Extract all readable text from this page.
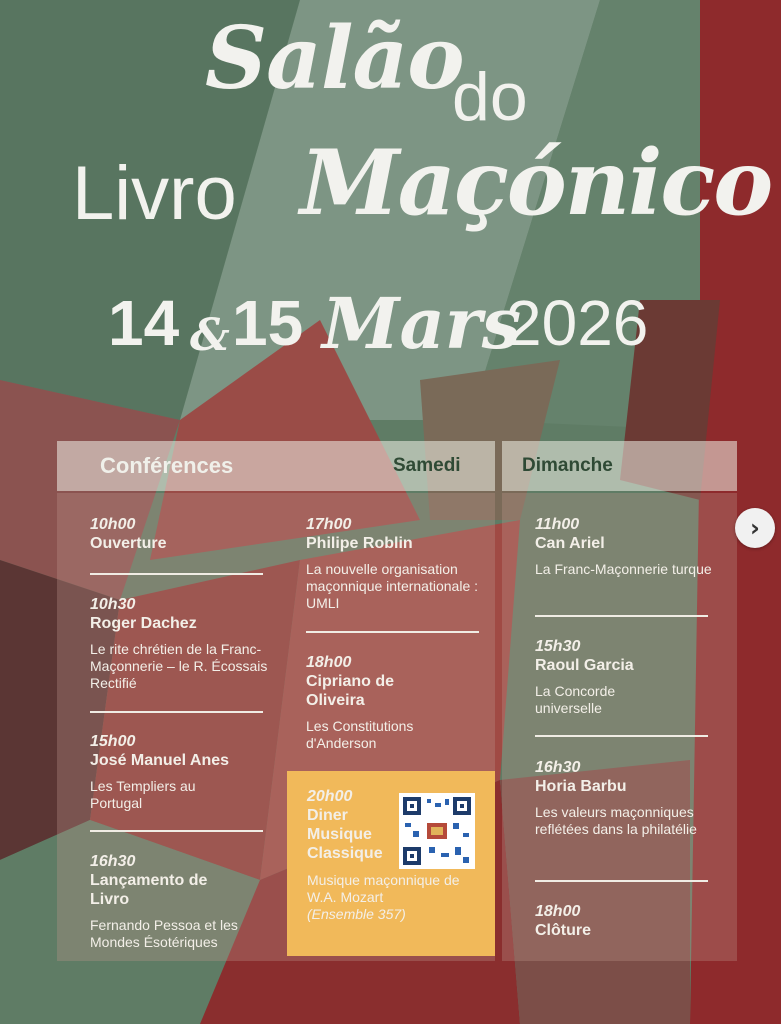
Salão
do
Livro Maçónico
14 & 15 Mars
2026
Conférences	Samedi	Dimanche
10h00
Ouverture
10h30
Roger Dachez
Le rite chrétien de la Franc-Maçonnerie – le R. Écossais Rectifié
15h00
José Manuel Anes
Les Templiers au Portugal
16h30
Lançamento de Livro
Fernando Pessoa et les Mondes Ésotériques
17h00
Philipe Roblin
La nouvelle organisation maçonnique internationale : UMLI
18h00
Cipriano de Oliveira
Les Constitutions d'Anderson
20h00
Diner Musique Classique
Musique maçonnique de W.A. Mozart
(Ensemble 357)
11h00
Can Ariel
La Franc-Maçonnerie turque
15h30
Raoul Garcia
La Concorde universelle
16h30
Horia Barbu
Les valeurs maçonniques reflétées dans la philatélie
18h00
Clôture
›
